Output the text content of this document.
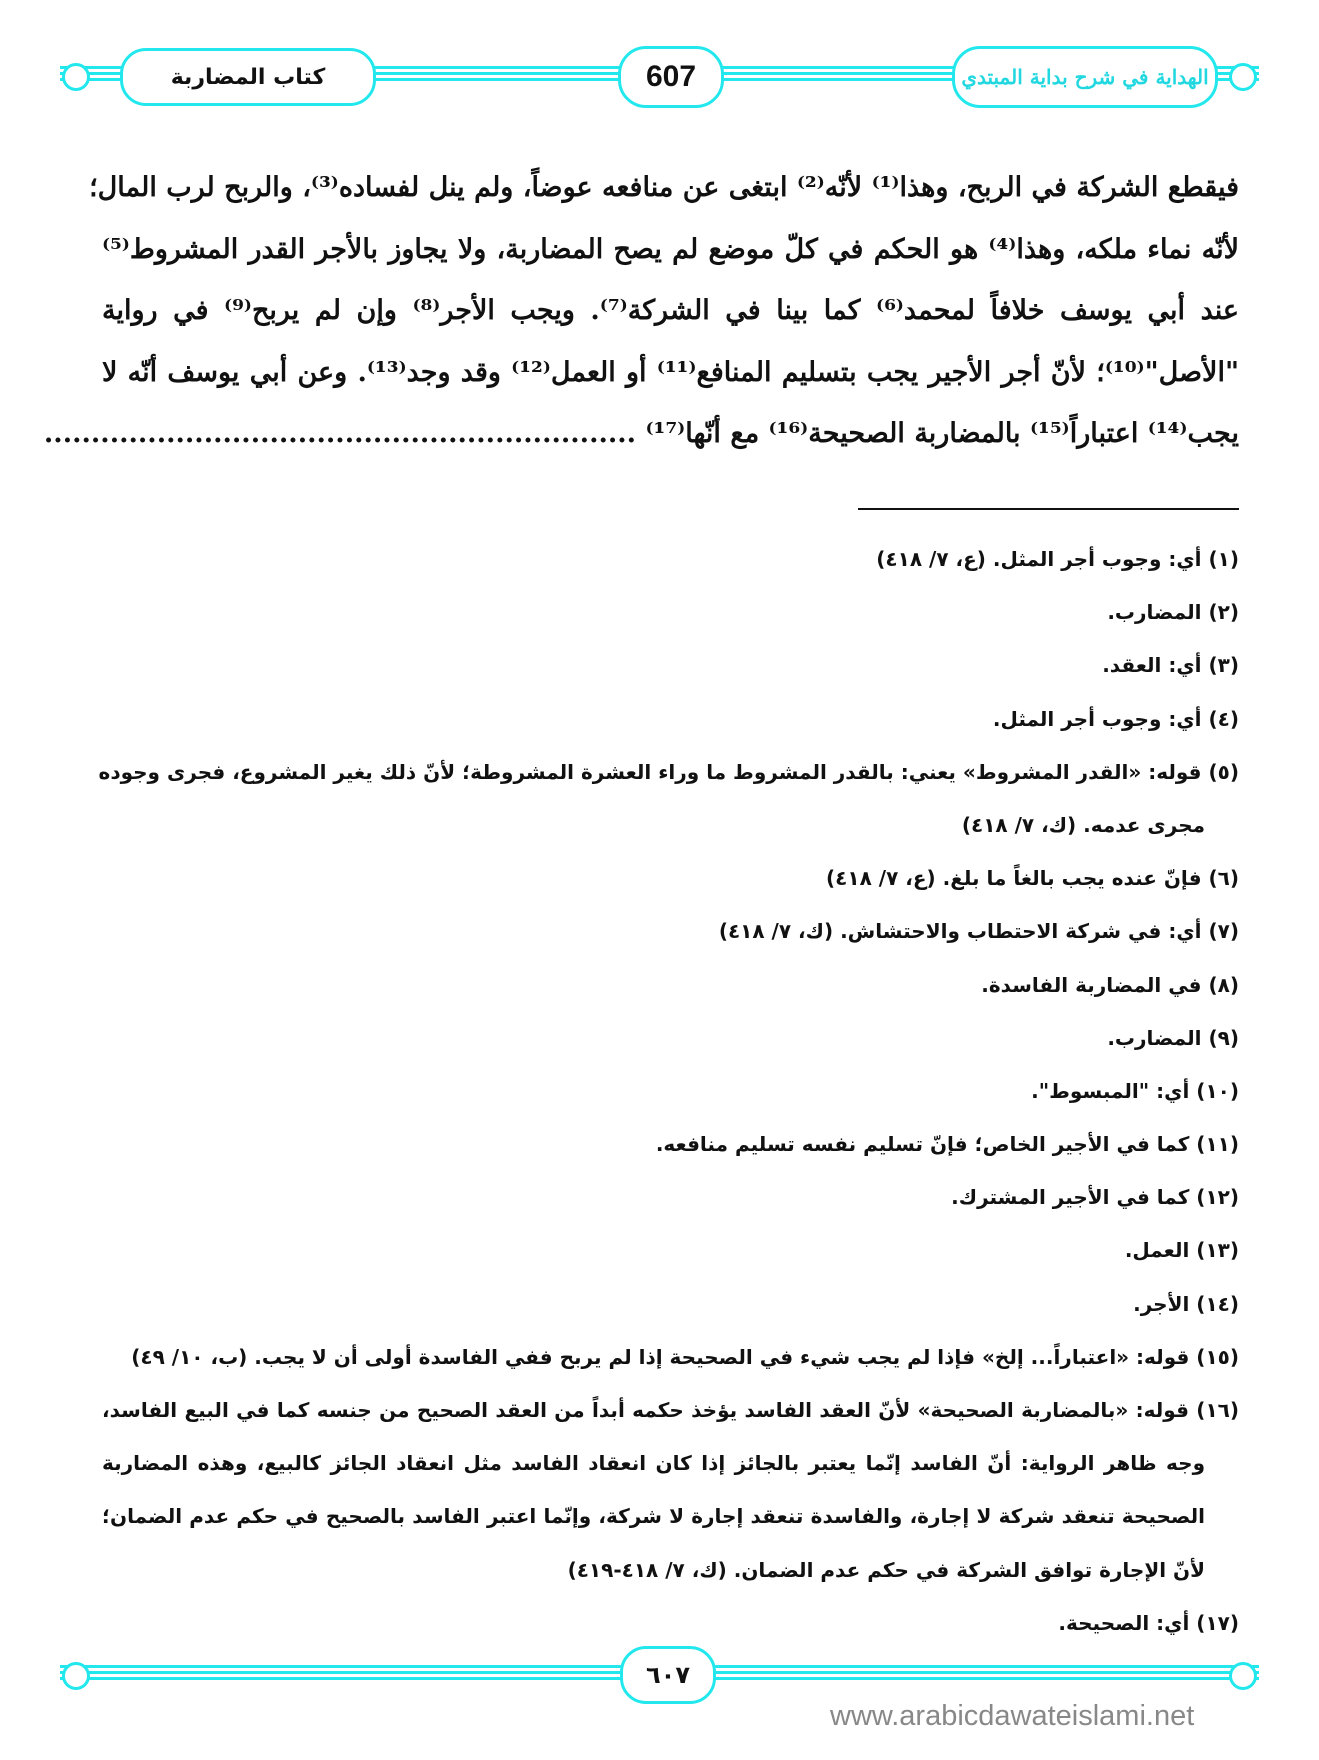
كتاب المضاربة	607	الهداية في شرح بداية المبتدي
فيقطع الشركة في الربح، وهذا⁽¹⁾ لأنّه⁽²⁾ ابتغى عن منافعه عوضاً، ولم ينل لفساده⁽³⁾، والربح لرب المال؛
لأنّه نماء ملكه، وهذا⁽⁴⁾ هو الحكم في كلّ موضع لم يصح المضاربة، ولا يجاوز بالأجر القدر المشروط⁽⁵⁾
عند أبي يوسف خلافاً لمحمد⁽⁶⁾ كما بينا في الشركة⁽⁷⁾. ويجب الأجر⁽⁸⁾ وإن لم يربح⁽⁹⁾ في رواية
"الأصل"⁽¹⁰⁾؛ لأنّ أجر الأجير يجب بتسليم المنافع⁽¹¹⁾ أو العمل⁽¹²⁾ وقد وجد⁽¹³⁾. وعن أبي يوسف أنّه لا
يجب⁽¹⁴⁾ اعتباراً⁽¹⁵⁾ بالمضاربة الصحيحة⁽¹⁶⁾ مع أنّها⁽¹⁷⁾ ...............................................................
(١) أي: وجوب أجر المثل. (ع، ٧/ ٤١٨)
(٢) المضارب.
(٣) أي: العقد.
(٤) أي: وجوب أجر المثل.
(٥) قوله: «القدر المشروط» يعني: بالقدر المشروط ما وراء العشرة المشروطة؛ لأنّ ذلك يغير المشروع، فجرى وجوده
مجرى عدمه. (ك، ٧/ ٤١٨)
(٦) فإنّ عنده يجب بالغاً ما بلغ. (ع، ٧/ ٤١٨)
(٧) أي: في شركة الاحتطاب والاحتشاش. (ك، ٧/ ٤١٨)
(٨) في المضاربة الفاسدة.
(٩) المضارب.
(١٠) أي: "المبسوط".
(١١) كما في الأجير الخاص؛ فإنّ تسليم نفسه تسليم منافعه.
(١٢) كما في الأجير المشترك.
(١٣) العمل.
(١٤) الأجر.
(١٥) قوله: «اعتباراً... إلخ» فإذا لم يجب شيء في الصحيحة إذا لم يربح ففي الفاسدة أولى أن لا يجب. (ب، ١٠/ ٤٩)
(١٦) قوله: «بالمضاربة الصحيحة» لأنّ العقد الفاسد يؤخذ حكمه أبداً من العقد الصحيح من جنسه كما في البيع الفاسد،
وجه ظاهر الرواية: أنّ الفاسد إنّما يعتبر بالجائز إذا كان انعقاد الفاسد مثل انعقاد الجائز كالبيع، وهذه المضاربة
الصحيحة تنعقد شركة لا إجارة، والفاسدة تنعقد إجارة لا شركة، وإنّما اعتبر الفاسد بالصحيح في حكم عدم الضمان؛
لأنّ الإجارة توافق الشركة في حكم عدم الضمان. (ك، ٧/ ٤١٨-٤١٩)
(١٧) أي: الصحيحة.
٦٠٧
www.arabicdawateislami.net
